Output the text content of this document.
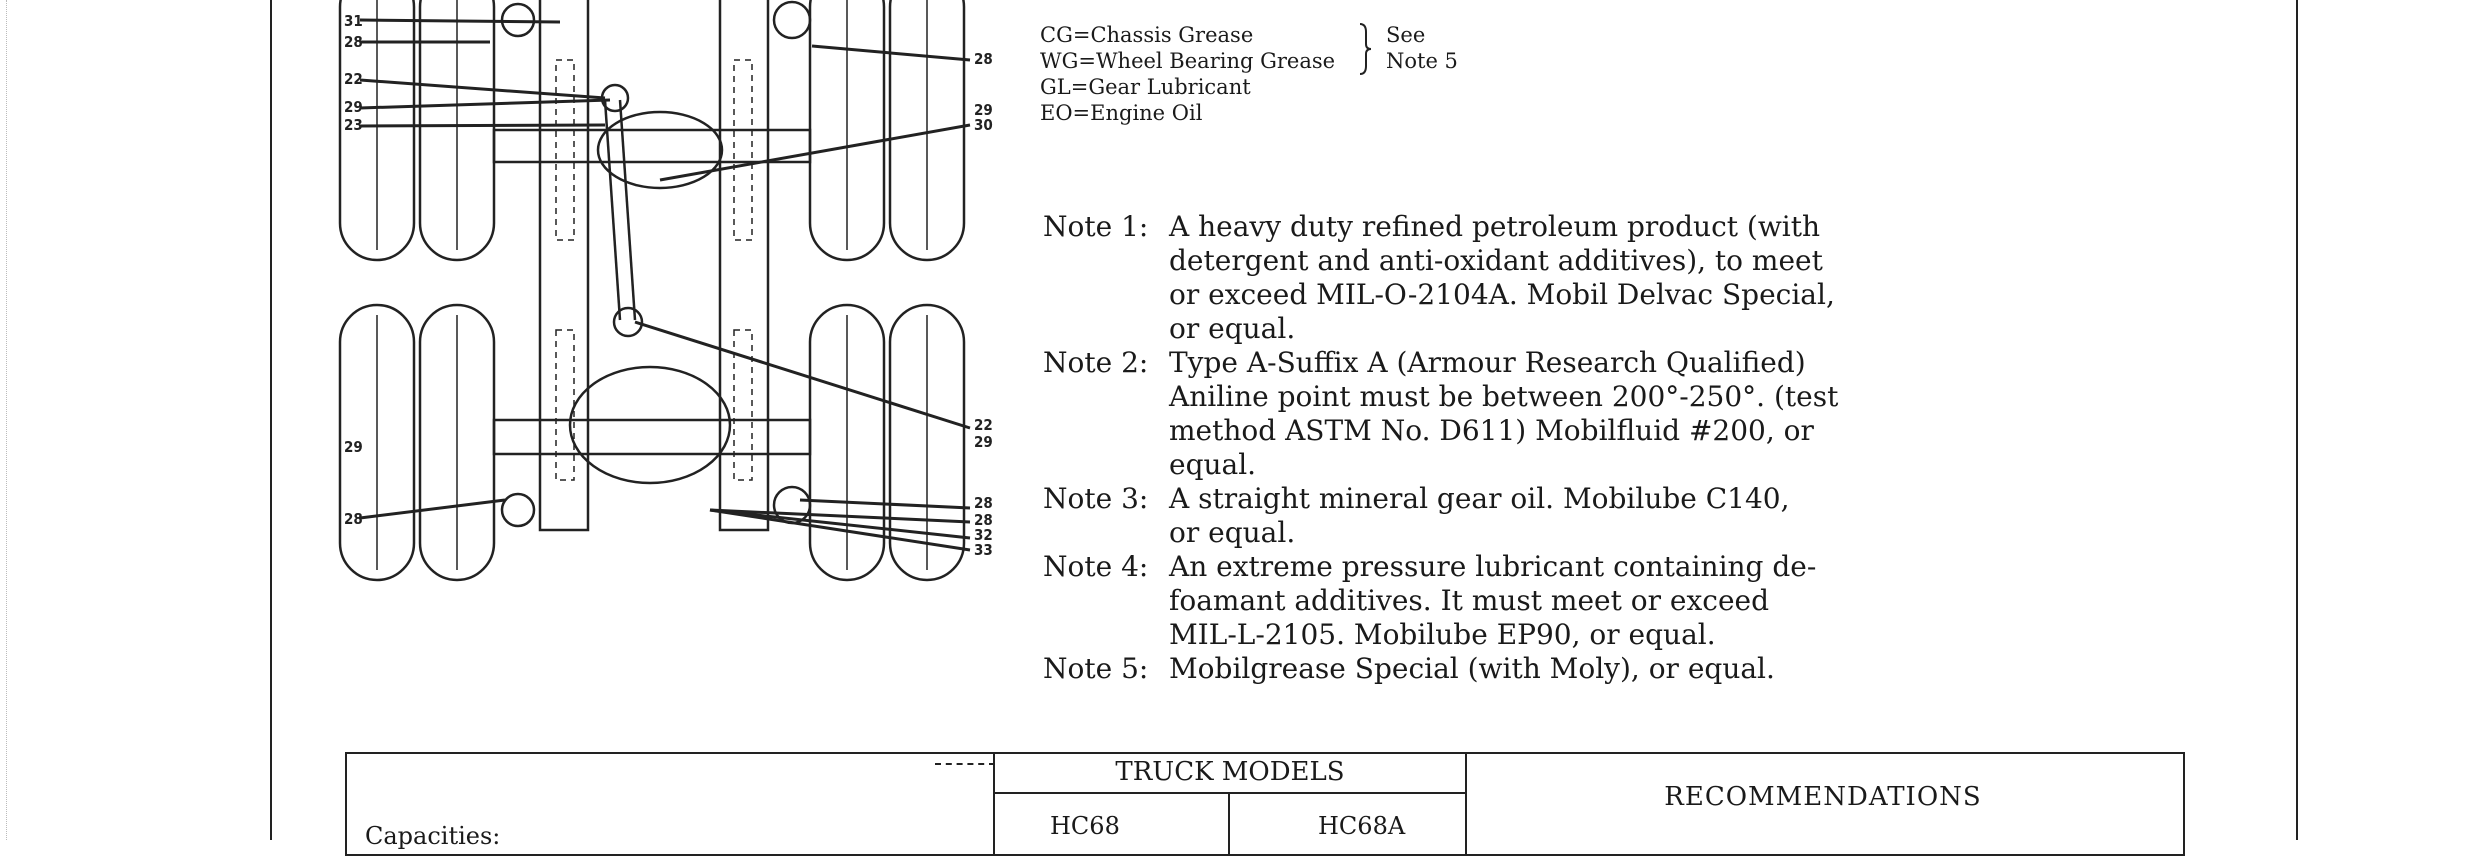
31
28
22
29
23
29
28
28
29
30
22
29
28
28
32
33
CG=Chassis Grease
WG=Wheel Bearing Grease
GL=Gear Lubricant
EO=Engine Oil
See
Note 5
Note 1: A heavy duty refined petroleum product (with
detergent and anti-oxidant additives), to meet
or exceed MIL-O-2104A. Mobil Delvac Special,
or equal.
Note 2: Type A-Suffix A (Armour Research Qualified)
Aniline point must be between 200°-250°. (test
method ASTM No. D611) Mobilfluid #200, or
equal.
Note 3: A straight mineral gear oil. Mobilube C140,
or equal.
Note 4: An extreme pressure lubricant containing de-
foamant additives. It must meet or exceed
MIL-L-2105. Mobilube EP90, or equal.
Note 5: Mobilgrease Special (with Moly), or equal.
TRUCK MODELS
HC68	HC68A
RECOMMENDATIONS
Capacities:
